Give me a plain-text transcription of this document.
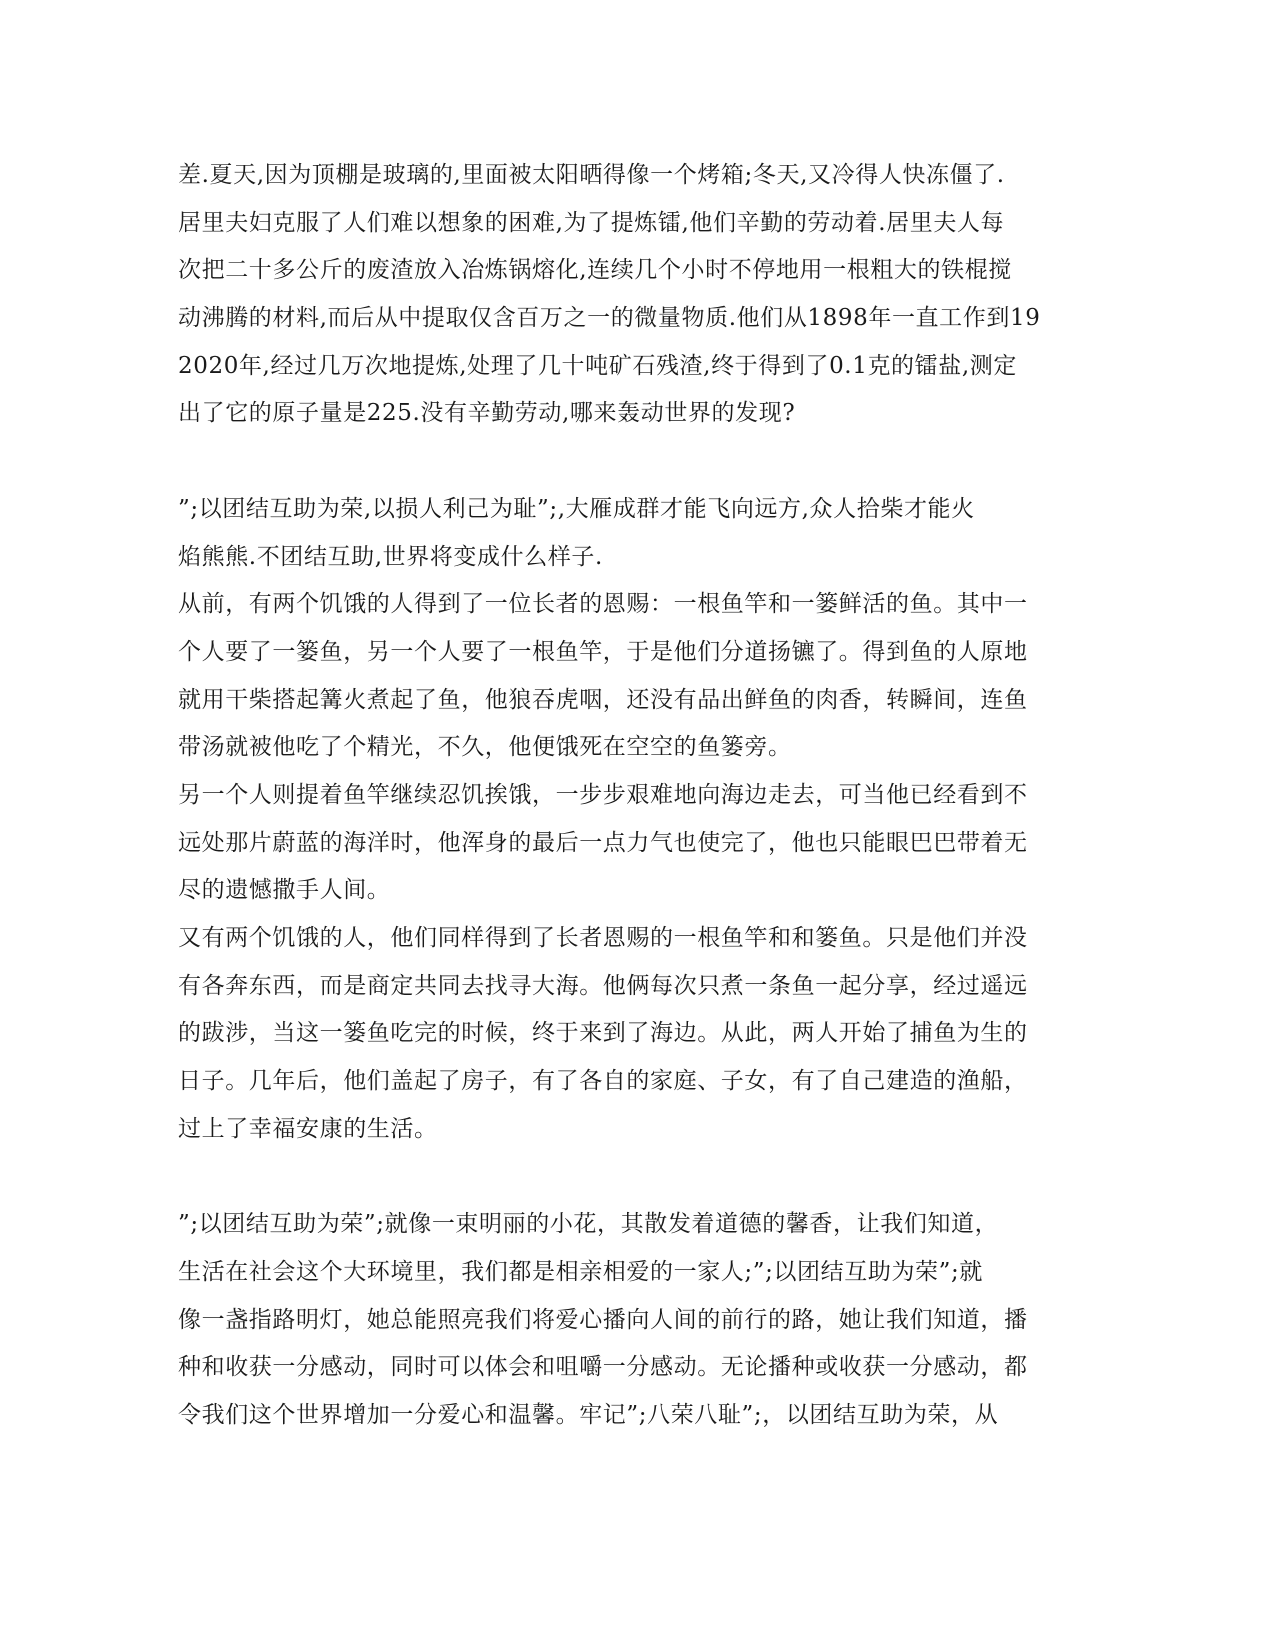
差.夏天,因为顶棚是玻璃的,里面被太阳晒得像一个烤箱;冬天,又冷得人快冻僵了.
居里夫妇克服了人们难以想象的困难,为了提炼镭,他们辛勤的劳动着.居里夫人每
次把二十多公斤的废渣放入冶炼锅熔化,连续几个小时不停地用一根粗大的铁棍搅
动沸腾的材料,而后从中提取仅含百万之一的微量物质.他们从1898年一直工作到19
2020年,经过几万次地提炼,处理了几十吨矿石残渣,终于得到了0.1克的镭盐,测定
出了它的原子量是225.没有辛勤劳动,哪来轰动世界的发现?
”;以团结互助为荣,以损人利己为耻”;,大雁成群才能飞向远方,众人拾柴才能火
焰熊熊.不团结互助,世界将变成什么样子.
从前，有两个饥饿的人得到了一位长者的恩赐：一根鱼竿和一篓鲜活的鱼。其中一
个人要了一篓鱼，另一个人要了一根鱼竿，于是他们分道扬镳了。得到鱼的人原地
就用干柴搭起篝火煮起了鱼，他狼吞虎咽，还没有品出鲜鱼的肉香，转瞬间，连鱼
带汤就被他吃了个精光，不久，他便饿死在空空的鱼篓旁。
另一个人则提着鱼竿继续忍饥挨饿，一步步艰难地向海边走去，可当他已经看到不
远处那片蔚蓝的海洋时，他浑身的最后一点力气也使完了，他也只能眼巴巴带着无
尽的遗憾撒手人间。
又有两个饥饿的人，他们同样得到了长者恩赐的一根鱼竿和和篓鱼。只是他们并没
有各奔东西，而是商定共同去找寻大海。他俩每次只煮一条鱼一起分享，经过遥远
的跋涉，当这一篓鱼吃完的时候，终于来到了海边。从此，两人开始了捕鱼为生的
日子。几年后，他们盖起了房子，有了各自的家庭、子女，有了自己建造的渔船，
过上了幸福安康的生活。
”;以团结互助为荣”;就像一束明丽的小花，其散发着道德的馨香，让我们知道，
生活在社会这个大环境里，我们都是相亲相爱的一家人;”;以团结互助为荣”;就
像一盏指路明灯，她总能照亮我们将爱心播向人间的前行的路，她让我们知道，播
种和收获一分感动，同时可以体会和咀嚼一分感动。无论播种或收获一分感动，都
令我们这个世界增加一分爱心和温馨。牢记”;八荣八耻”;，以团结互助为荣，从
